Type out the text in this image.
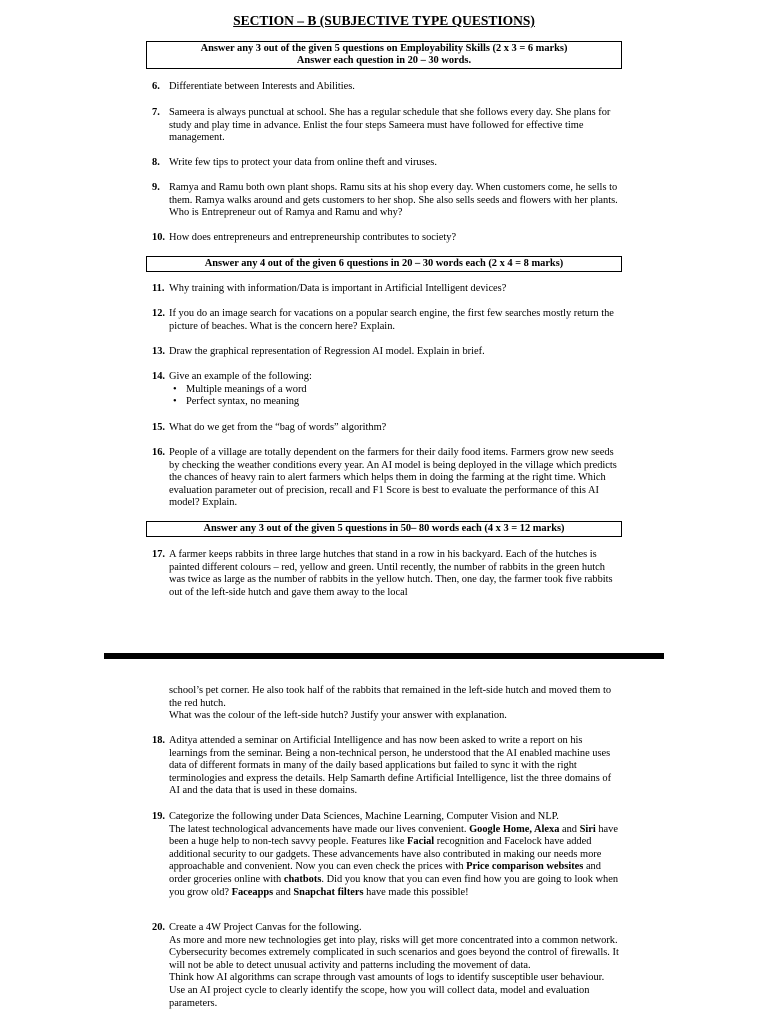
SECTION – B (SUBJECTIVE TYPE QUESTIONS)
Answer any 3 out of the given 5 questions on Employability Skills (2 x 3 = 6 marks)
Answer each question in 20 – 30 words.
6. Differentiate between Interests and Abilities.
7. Sameera is always punctual at school. She has a regular schedule that she follows every day. She plans for study and play time in advance. Enlist the four steps Sameera must have followed for effective time management.
8. Write few tips to protect your data from online theft and viruses.
9. Ramya and Ramu both own plant shops. Ramu sits at his shop every day. When customers come, he sells to them. Ramya walks around and gets customers to her shop. She also sells seeds and flowers with her plants. Who is Entrepreneur out of Ramya and Ramu and why?
10. How does entrepreneurs and entrepreneurship contributes to society?
Answer any 4 out of the given 6 questions in 20 – 30 words each (2 x 4 = 8 marks)
11. Why training with information/Data is important in Artificial Intelligent devices?
12. If you do an image search for vacations on a popular search engine, the first few searches mostly return the picture of beaches. What is the concern here? Explain.
13. Draw the graphical representation of Regression AI model. Explain in brief.
14. Give an example of the following:

• Multiple meanings of a word
• Perfect syntax, no meaning
15. What do we get from the “bag of words” algorithm?
16. People of a village are totally dependent on the farmers for their daily food items. Farmers grow new seeds by checking the weather conditions every year. An AI model is being deployed in the village which predicts the chances of heavy rain to alert farmers which helps them in doing the farming at the right time. Which evaluation parameter out of precision, recall and F1 Score is best to evaluate the performance of this AI model? Explain.
Answer any 3 out of the given 5 questions in 50– 80 words each (4 x 3 = 12 marks)
17. A farmer keeps rabbits in three large hutches that stand in a row in his backyard. Each of the hutches is painted different colours – red, yellow and green. Until recently, the number of rabbits in the green hutch was twice as large as the number of rabbits in the yellow hutch. Then, one day, the farmer took five rabbits out of the left-side hutch and gave them away to the local

school’s pet corner. He also took half of the rabbits that remained in the left-side hutch and moved them to the red hutch.

What was the colour of the left-side hutch? Justify your answer with explanation.

18. Aditya attended a seminar on Artificial Intelligence and has now been asked to write a report on his learnings from the seminar. Being a non-technical person, he understood that the AI enabled machine uses data of different formats in many of the daily based applications but failed to sync it with the right terminologies and express the details. Help Samarth define Artificial Intelligence, list the three domains of AI and the data that is used in these domains.
19. Categorize the following under Data Sciences, Machine Learning, Computer Vision and NLP.

The latest technological advancements have made our lives convenient. Google Home, Alexa and Siri have been a huge help to non-tech savvy people. Features like Facial recognition and Facelock have added additional security to our gadgets. These advancements have also contributed in making our needs more approachable and convenient. Now you can even check the prices with Price comparison websites and order groceries online with chatbots. Did you know that you can even find how you are going to look when you grow old? Faceapps and Snapchat filters have made this possible!

20. Create a 4W Project Canvas for the following.

As more and more new technologies get into play, risks will get more concentrated into a common network. Cybersecurity becomes extremely complicated in such scenarios and goes beyond the control of firewalls. It will not be able to detect unusual activity and patterns including the movement of data.

Think how AI algorithms can scrape through vast amounts of logs to identify susceptible user behaviour. Use an AI project cycle to clearly identify the scope, how you will collect data, model and evaluation parameters.
